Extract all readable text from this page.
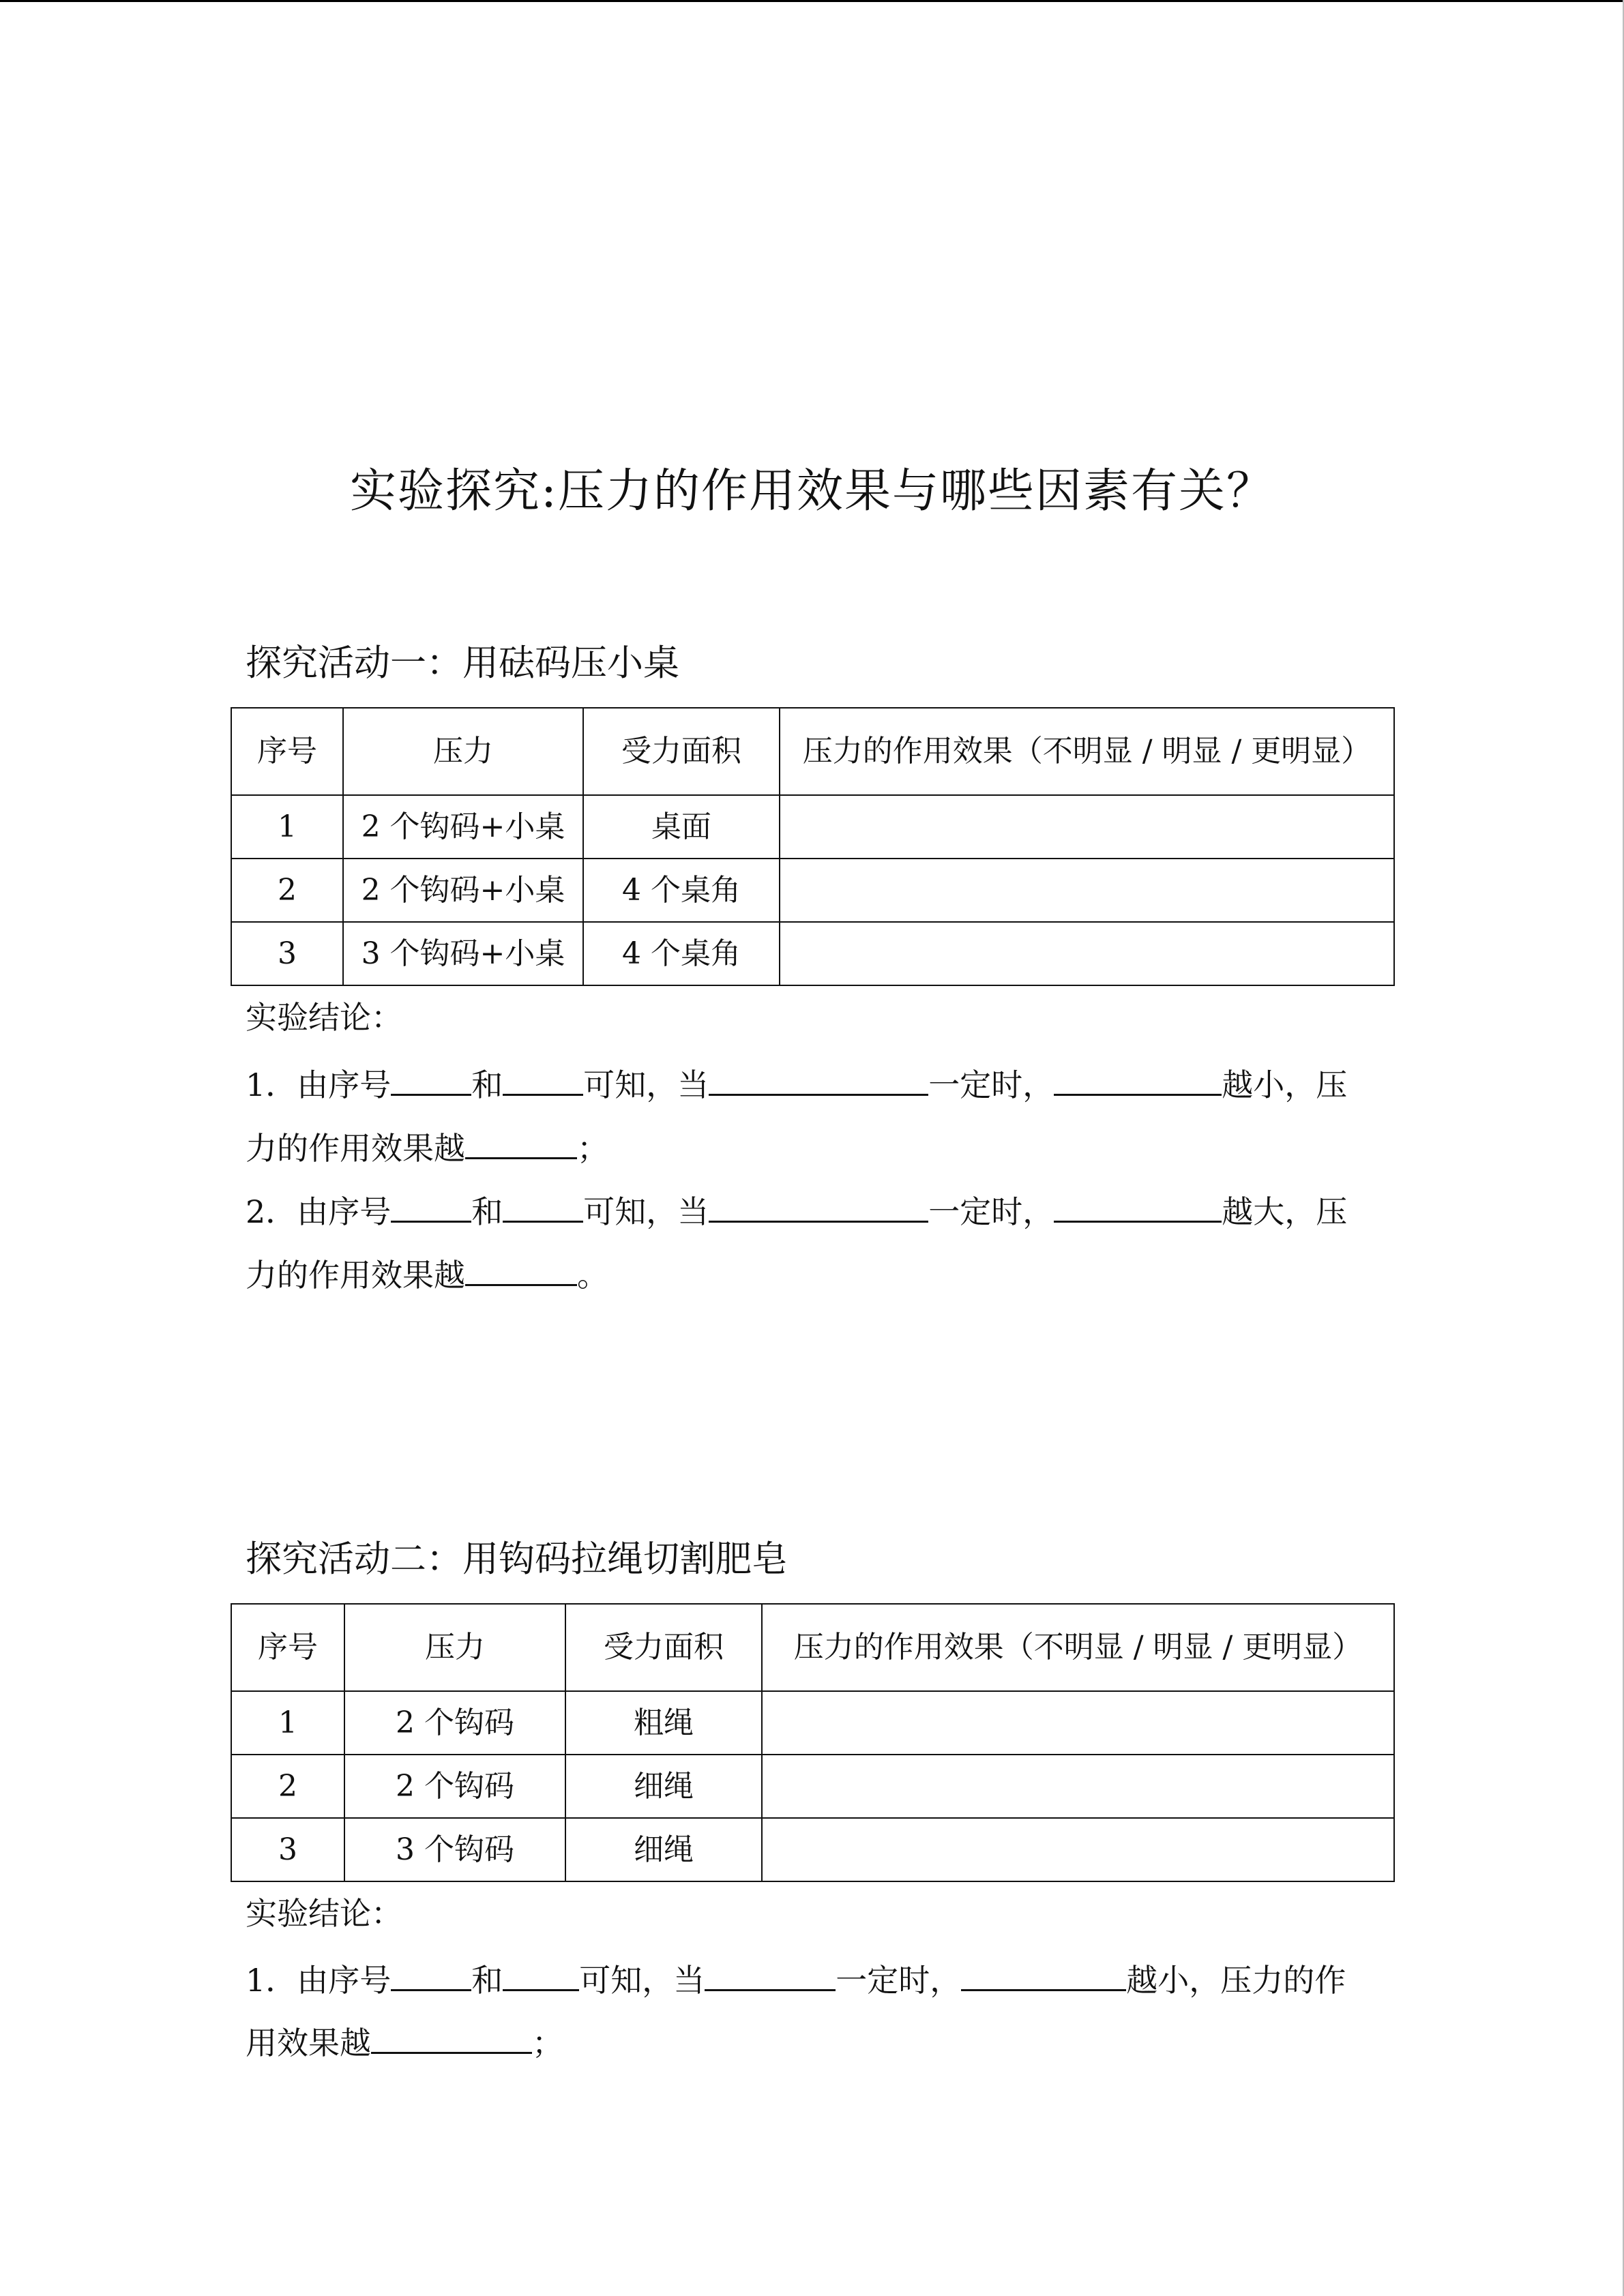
实验探究:压力的作用效果与哪些因素有关？
探究活动一：用砝码压小桌
序号	压力	受力面积	压力的作用效果（不明显 / 明显 / 更明显）
1	2 个钩码+小桌	桌面	
2	2 个钩码+小桌	4 个桌角	
3	3 个钩码+小桌	4 个桌角	
实验结论：
1．由序号	和	可知，当	一定时，	越小，压
力的作用效果越	；
2．由序号	和	可知，当	一定时，	越大，压
力的作用效果越	。
探究活动二：用钩码拉绳切割肥皂
序号	压力	受力面积	压力的作用效果（不明显 / 明显 / 更明显）
1	2 个钩码	粗绳	
2	2 个钩码	细绳	
3	3 个钩码	细绳	
实验结论：
1．由序号	和 可知，当	一定时，	越小，压力的作
用效果越	；
